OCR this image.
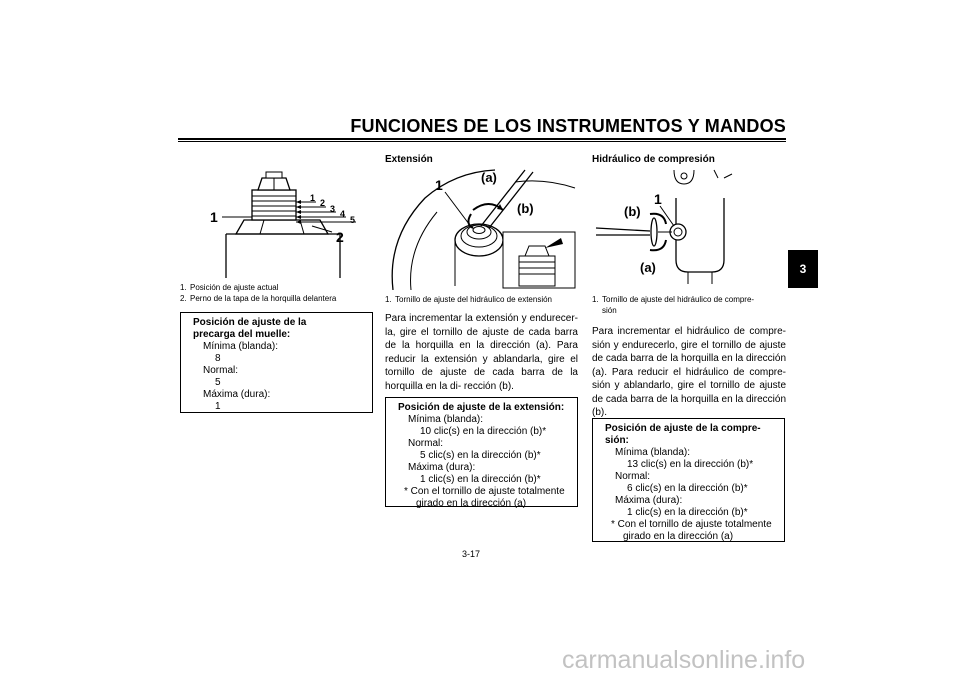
FUNCIONES DE LOS INSTRUMENTOS Y MANDOS
3
1
2
1 2
3 4
5
1. Posición de ajuste actual
2. Perno de la tapa de la horquilla delantera
Posición de ajuste de la precarga del muelle:
Mínima (blanda):
8
Normal:
5
Máxima (dura):
1
Extensión
1	(a)
(b)
1. Tornillo de ajuste del hidráulico de extensión
Para incrementar la extensión y endurecer- la, gire el tornillo de ajuste de cada barra de la horquilla en la dirección (a). Para reducir la extensión y ablandarla, gire el tornillo de ajuste de cada barra de la horquilla en la di- rección (b).
Posición de ajuste de la extensión:
Mínima (blanda):
10 clic(s) en la dirección (b)*
Normal:
5 clic(s) en la dirección (b)*
Máxima (dura):
1 clic(s) en la dirección (b)*
* Con el tornillo de ajuste totalmente
girado en la dirección (a)
Hidráulico de compresión
1
(b)
(a)
1. Tornillo de ajuste del hidráulico de compre-
sión
Para incrementar el hidráulico de compre- sión y endurecerlo, gire el tornillo de ajuste de cada barra de la horquilla en la dirección (a). Para reducir el hidráulico de compre- sión y ablandarlo, gire el tornillo de ajuste de cada barra de la horquilla en la dirección (b).
Posición de ajuste de la compre-
sión:
Mínima (blanda):
13 clic(s) en la dirección (b)*
Normal:
6 clic(s) en la dirección (b)*
Máxima (dura):
1 clic(s) en la dirección (b)*
* Con el tornillo de ajuste totalmente
girado en la dirección (a)
3-17
carmanualsonline.info
